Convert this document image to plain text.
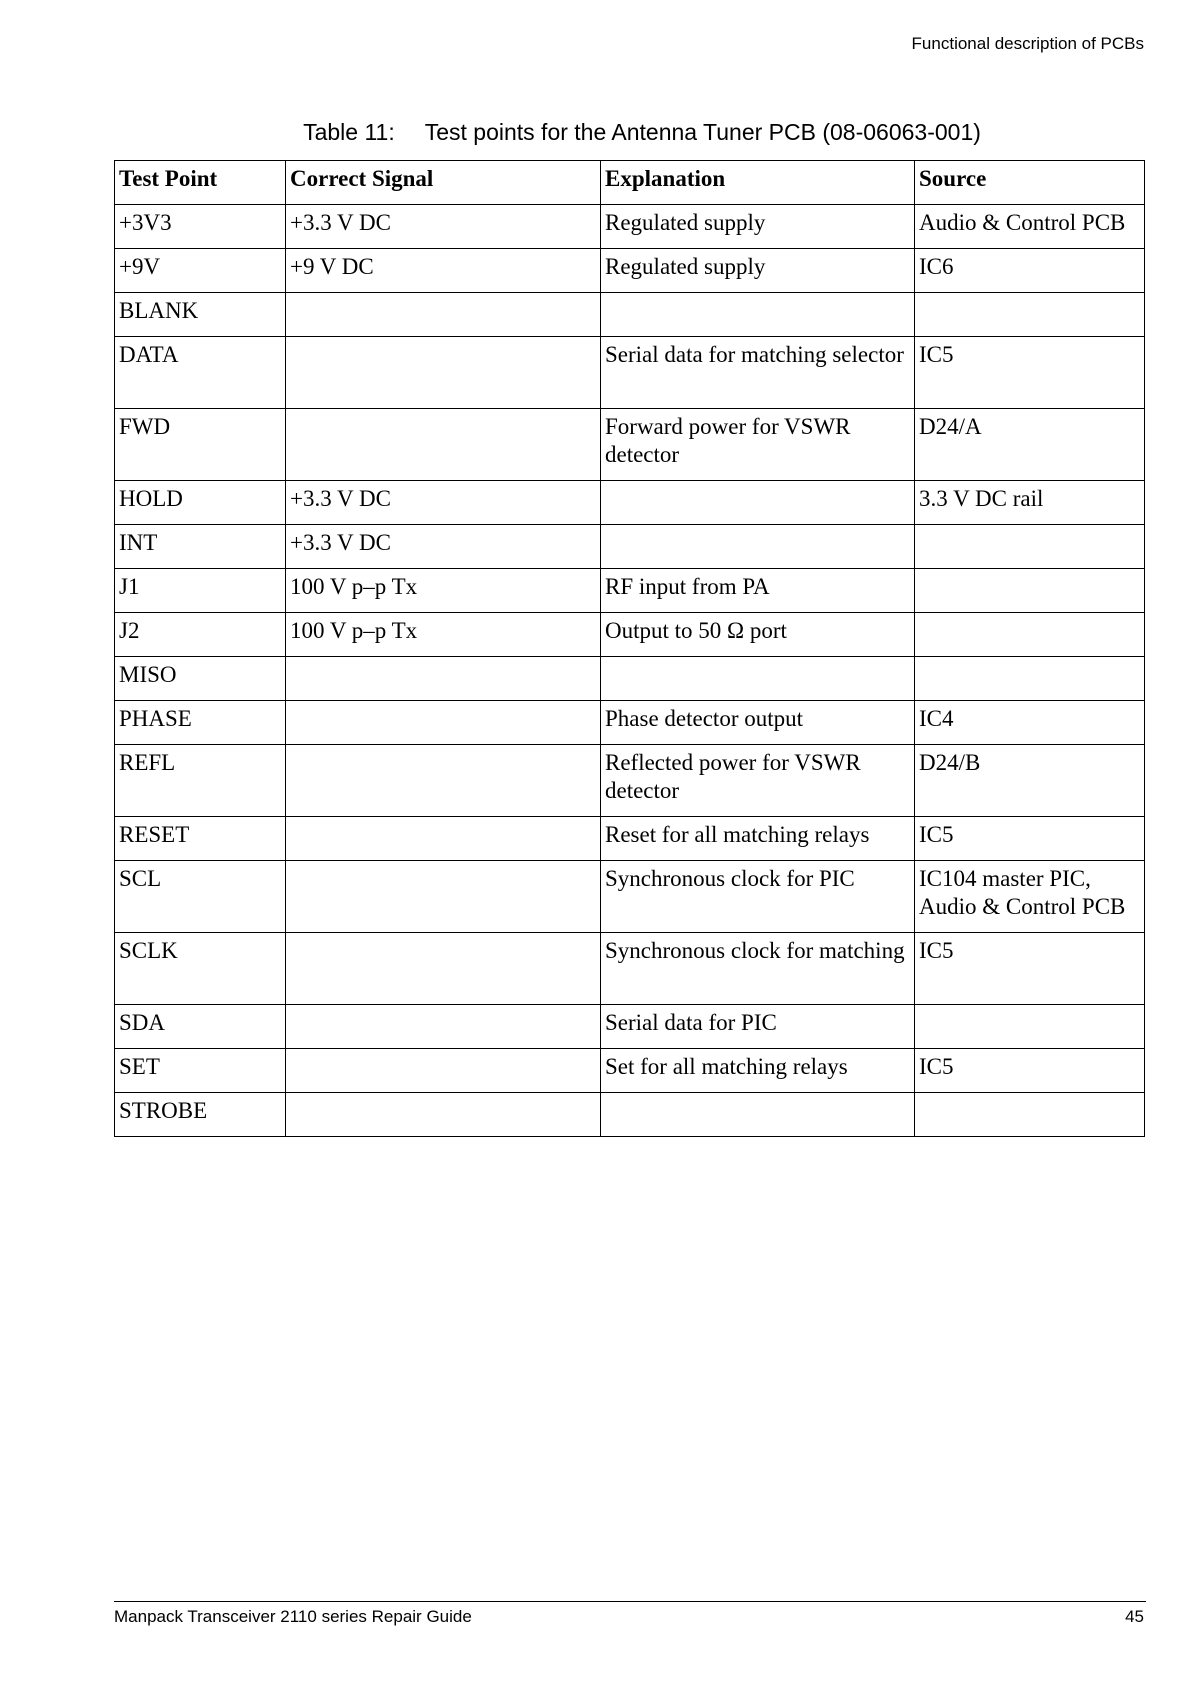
Functional description of PCBs
Table 11: Test points for the Antenna Tuner PCB (08-06063-001)
Test Point	Correct Signal	Explanation	Source
+3V3	+3.3 V DC	Regulated supply	Audio & Control PCB
+9V	+9 V DC	Regulated supply	IC6
BLANK			
DATA		Serial data for matching selector	IC5
FWD		Forward power for VSWR detector	D24/A
HOLD	+3.3 V DC		3.3 V DC rail
INT	+3.3 V DC		
J1	100 V p–p Tx	RF input from PA	
J2	100 V p–p Tx	Output to 50 Ω port	
MISO			
PHASE		Phase detector output	IC4
REFL		Reflected power for VSWR detector	D24/B
RESET		Reset for all matching relays	IC5
SCL		Synchronous clock for PIC	IC104 master PIC, Audio & Control PCB
SCLK		Synchronous clock for matching	IC5
SDA		Serial data for PIC	
SET		Set for all matching relays	IC5
STROBE			
Manpack Transceiver 2110 series Repair Guide	45
